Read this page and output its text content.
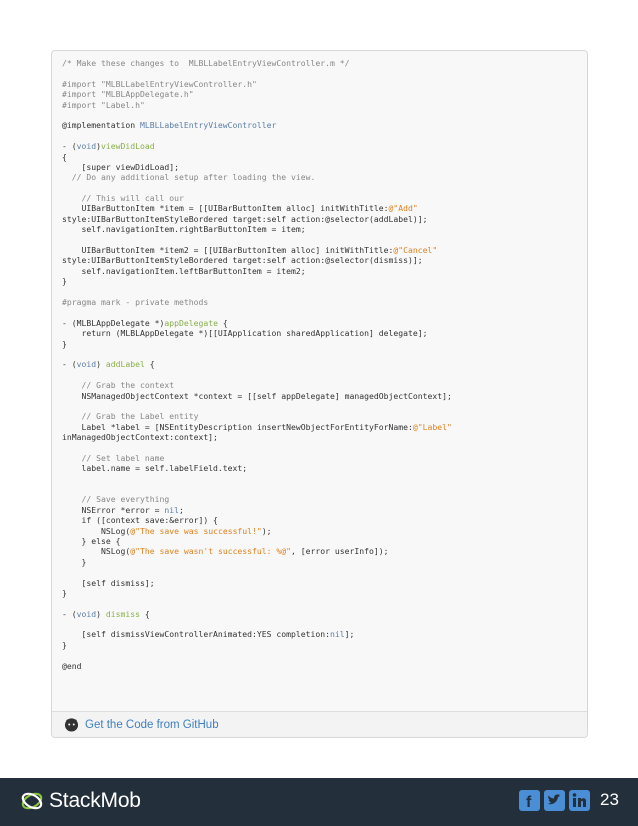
/* Make these changes to  MLBLLabelEntryViewController.m */
#import "MLBLLabelEntryViewController.h"
#import "MLBLAppDelegate.h"
#import "Label.h"
@implementation MLBLLabelEntryViewController
- (void)viewDidLoad
{
[super viewDidLoad];
// Do any additional setup after loading the view.
// This will call our
UIBarButtonItem *item = [[UIBarButtonItem alloc] initWithTitle:@"Add"
style:UIBarButtonItemStyleBordered target:self action:@selector(addLabel)];
self.navigationItem.rightBarButtonItem = item;
UIBarButtonItem *item2 = [[UIBarButtonItem alloc] initWithTitle:@"Cancel"
style:UIBarButtonItemStyleBordered target:self action:@selector(dismiss)];
self.navigationItem.leftBarButtonItem = item2;
}
#pragma mark - private methods
- (MLBLAppDelegate *)appDelegate {
return (MLBLAppDelegate *)[[UIApplication sharedApplication] delegate];
}
- (void) addLabel {
// Grab the context
NSManagedObjectContext *context = [[self appDelegate] managedObjectContext];
// Grab the Label entity
Label *label = [NSEntityDescription insertNewObjectForEntityForName:@"Label"
inManagedObjectContext:context];
// Set label name
label.name = self.labelField.text;
// Save everything
NSError *error = nil;
if ([context save:&error]) {
NSLog(@"The save was successful!");
} else {
NSLog(@"The save wasn't successful: %@", [error userInfo]);
}
[self dismiss];
}
- (void) dismiss {
[self dismissViewControllerAnimated:YES completion:nil];
}
@end
Get the Code from GitHub
StackMob	f	23
